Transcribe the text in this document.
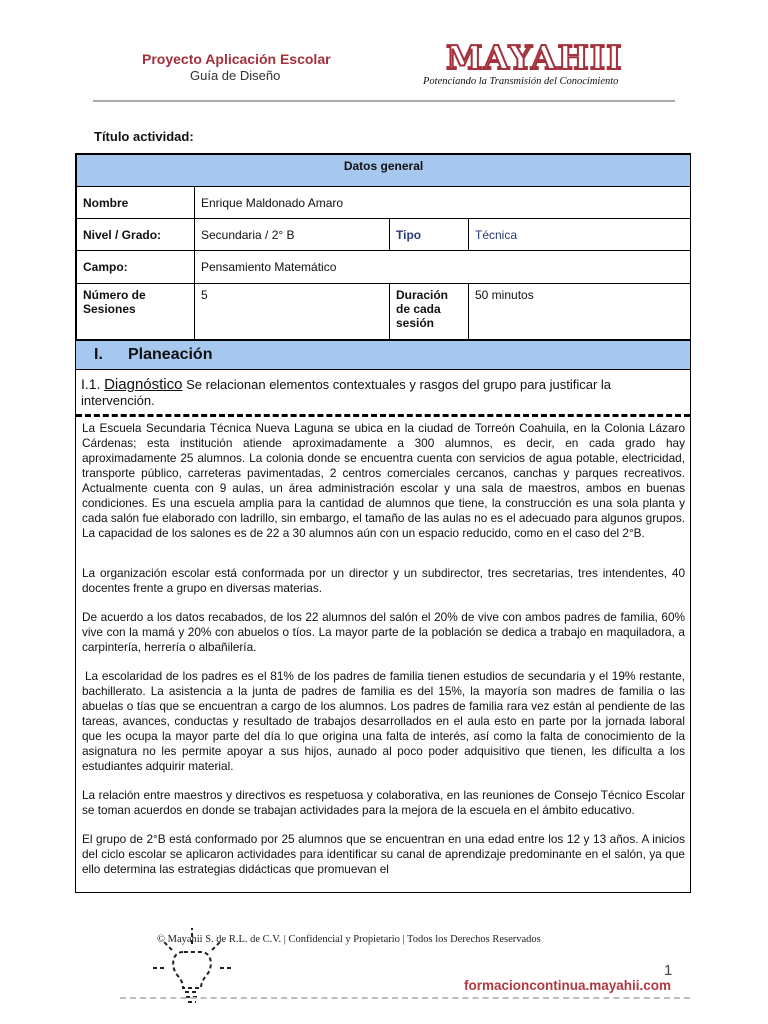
Proyecto Aplicación Escolar
Guía de Diseño	MAYAHII
Potenciando la Transmisión del Conocimiento
Título actividad:
Datos general			
Nombre	Enrique Maldonado Amaro		
Nivel / Grado:	Secundaria / 2° B	Tipo	Técnica
Campo:	Pensamiento Matemático		
Número de Sesiones	5	Duración de cada sesión	50 minutos
I. Planeación
I.1. Diagnóstico Se relacionan elementos contextuales y rasgos del grupo para justificar la intervención.

La Escuela Secundaria Técnica Nueva Laguna se ubica en la ciudad de Torreón Coahuila, en la Colonia Lázaro Cárdenas; esta institución atiende aproximadamente a 300 alumnos, es decir, en cada grado hay aproximadamente 25 alumnos. La colonia donde se encuentra cuenta con servicios de agua potable, electricidad, transporte público, carreteras pavimentadas, 2 centros comerciales cercanos, canchas y parques recreativos. Actualmente cuenta con 9 aulas, un área administración escolar y una sala de maestros, ambos en buenas condiciones. Es una escuela amplia para la cantidad de alumnos que tiene, la construcción es una sola planta y cada salón fue elaborado con ladrillo, sin embargo, el tamaño de las aulas no es el adecuado para algunos grupos. La capacidad de los salones es de 22 a 30 alumnos aún con un espacio reducido, como en el caso del 2°B.

La organización escolar está conformada por un director y un subdirector, tres secretarias, tres intendentes, 40 docentes frente a grupo en diversas materias.

De acuerdo a los datos recabados, de los 22 alumnos del salón el 20% de vive con ambos padres de familia, 60% vive con la mamá y 20% con abuelos o tíos. La mayor parte de la población se dedica a trabajo en maquiladora, a carpintería, herrería o albañilería.

La escolaridad de los padres es el 81% de los padres de familia tienen estudios de secundaria y el 19% restante, bachillerato. La asistencia a la junta de padres de familia es del 15%, la mayoría son madres de familia o las abuelas o tías que se encuentran a cargo de los alumnos. Los padres de familia rara vez están al pendiente de las tareas, avances, conductas y resultado de trabajos desarrollados en el aula esto en parte por la jornada laboral que les ocupa la mayor parte del día lo que origina una falta de interés, así como la falta de conocimiento de la asignatura no les permite apoyar a sus hijos, aunado al poco poder adquisitivo que tienen, les dificulta a los estudiantes adquirir material.

La relación entre maestros y directivos es respetuosa y colaborativa, en las reuniones de Consejo Técnico Escolar se toman acuerdos en donde se trabajan actividades para la mejora de la escuela en el ámbito educativo.

El grupo de 2°B está conformado por 25 alumnos que se encuentran en una edad entre los 12 y 13 años. A inicios del ciclo escolar se aplicaron actividades para identificar su canal de aprendizaje predominante en el salón, ya que ello determina las estrategias didácticas que promuevan el

© Mayahii S. de R.L. de C.V. | Confidencial y Propietario | Todos los Derechos Reservados
1
formacioncontinua.mayahii.com
